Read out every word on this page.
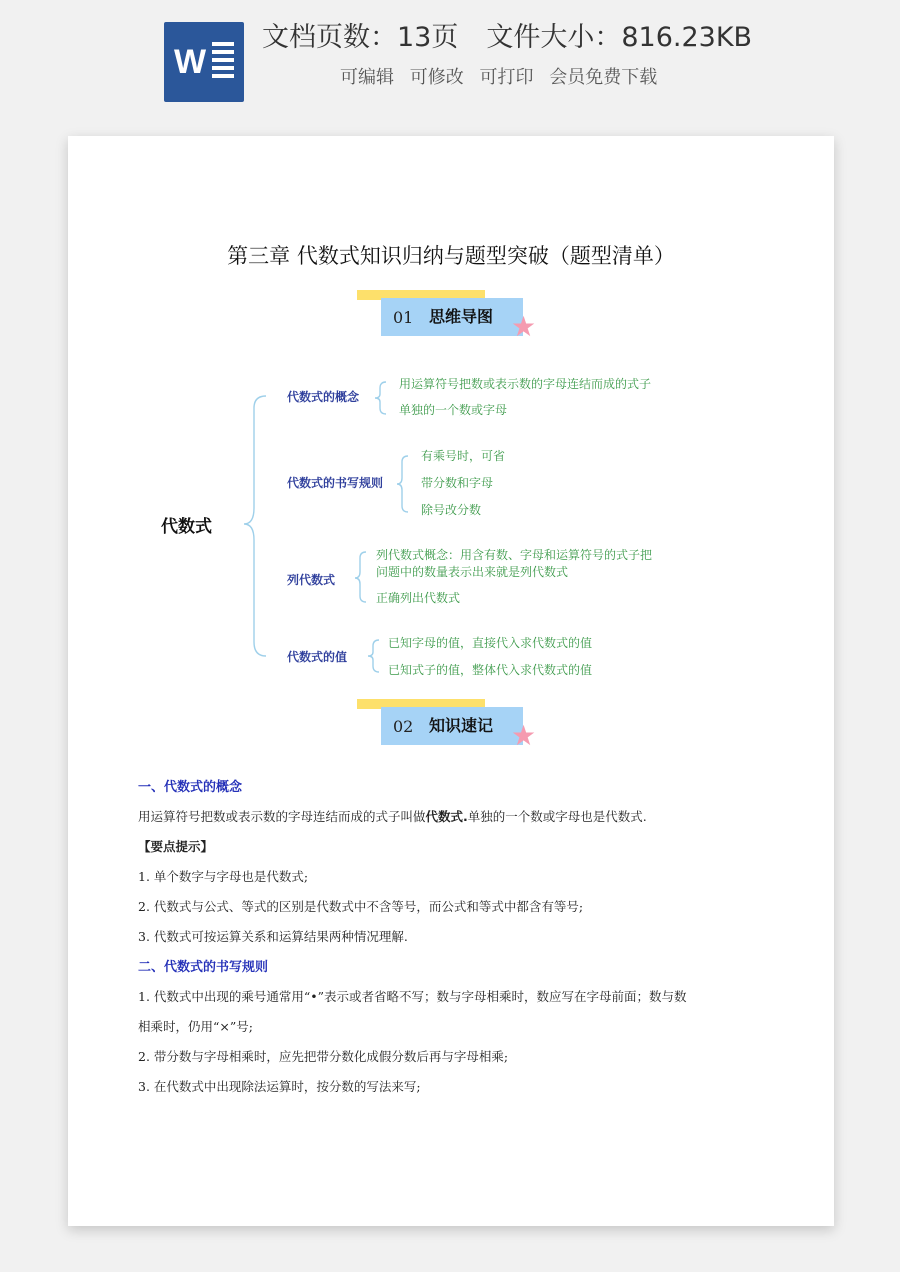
W
文档页数：13页 文件大小：816.23KB
可编辑 可修改 可打印 会员免费下载
第三章 代数式知识归纳与题型突破（题型清单）
01 思维导图 ★
代数式
代数式的概念
用运算符号把数或表示数的字母连结而成的式子
单独的一个数或字母
代数式的书写规则
有乘号时，可省
带分数和字母
除号改分数
列代数式
列代数式概念：用含有数、字母和运算符号的式子把
问题中的数量表示出来就是列代数式
正确列出代数式
代数式的值
已知字母的值，直接代入求代数式的值
已知式子的值，整体代入求代数式的值
02 知识速记 ★
一、代数式的概念
用运算符号把数或表示数的字母连结而成的式子叫做代数式.单独的一个数或字母也是代数式.
【要点提示】
1. 单个数字与字母也是代数式;
2. 代数式与公式、等式的区别是代数式中不含等号，而公式和等式中都含有等号;
3. 代数式可按运算关系和运算结果两种情况理解.
二、代数式的书写规则
1. 代数式中出现的乘号通常用“•”表示或者省略不写；数与字母相乘时，数应写在字母前面；数与数
相乘时，仍用“×”号;
2. 带分数与字母相乘时，应先把带分数化成假分数后再与字母相乘;
3. 在代数式中出现除法运算时，按分数的写法来写;
